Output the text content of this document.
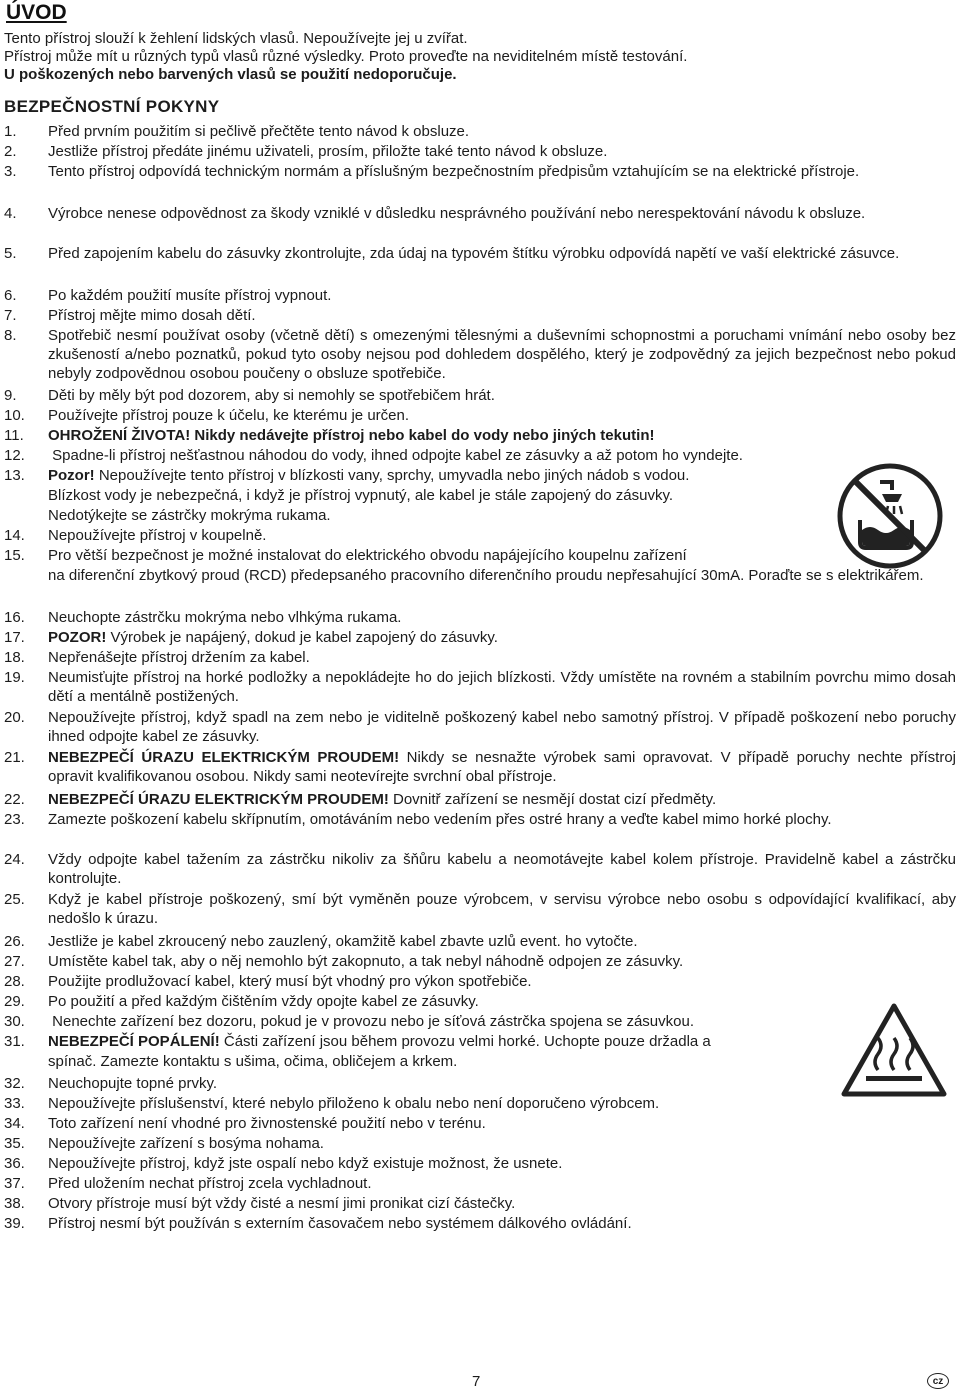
ÚVOD
Tento přístroj slouží k žehlení lidských vlasů. Nepoužívejte jej u zvířat.
Přístroj může mít u různých typů vlasů různé výsledky. Proto proveďte na neviditelném místě testování.
U poškozených nebo barvených vlasů se použití nedoporučuje.
BEZPEČNOSTNÍ POKYNY
1.	Před prvním použitím si pečlivě přečtěte tento návod k obsluze.
2.	Jestliže přístroj předáte jinému uživateli, prosím, přiložte také tento návod k obsluze.
3.	Tento přístroj odpovídá technickým normám a příslušným bezpečnostním předpisům vztahujícím se na elektrické přístroje.
4.	Výrobce nenese odpovědnost za škody vzniklé v důsledku nesprávného používání nebo nerespektování návodu k obsluze.
5.	Před zapojením kabelu do zásuvky zkontrolujte, zda údaj na typovém štítku výrobku odpovídá napětí ve vaší elektrické zásuvce.
6.	Po každém použití musíte přístroj vypnout.
7.	Přístroj mějte mimo dosah dětí.
8.	Spotřebič nesmí používat osoby (včetně dětí) s omezenými tělesnými a duševními schopnostmi a poruchami vnímání nebo osoby bez zkušeností a/nebo poznatků, pokud tyto osoby nejsou pod dohledem dospělého, který je zodpovědný za jejich bezpečnost nebo pokud nebyly zodpovědnou osobou poučeny o obsluze spotřebiče.
9.	Děti by měly být pod dozorem, aby si nemohly se spotřebičem hrát.
10.	Používejte přístroj pouze k účelu, ke kterému je určen.
11.	OHROŽENÍ ŽIVOTA! Nikdy nedávejte přístroj nebo kabel do vody nebo jiných tekutin!
12.	Spadne-li přístroj nešťastnou náhodou do vody, ihned odpojte kabel ze zásuvky a až potom ho vyndejte.
13.	Pozor! Nepoužívejte tento přístroj v blízkosti vany, sprchy, umyvadla nebo jiných nádob s vodou.
Blízkost vody je nebezpečná, i když je přístroj vypnutý, ale kabel je stále zapojený do zásuvky.
Nedotýkejte se zástrčky mokrýma rukama.
14.	Nepoužívejte přístroj v koupelně.
15.	Pro větší bezpečnost je možné instalovat do elektrického obvodu napájejícího koupelnu zařízení
na diferenční zbytkový proud (RCD) předepsaného pracovního diferenčního proudu nepřesahující 30mA. Poraďte se s elektrikářem.
16.	Neuchopte zástrčku mokrýma nebo vlhkýma rukama.
17.	POZOR! Výrobek je napájený, dokud je kabel zapojený do zásuvky.
18.	Nepřenášejte přístroj držením za kabel.
19.	Neumisťujte přístroj na horké podložky a nepokládejte ho do jejich blízkosti. Vždy umístěte na rovném a stabilním povrchu mimo dosah dětí a mentálně postižených.
20.	Nepoužívejte přístroj, když spadl na zem nebo je viditelně poškozený kabel nebo samotný přístroj. V případě poškození nebo poruchy ihned odpojte kabel ze zásuvky.
21.	NEBEZPEČÍ ÚRAZU ELEKTRICKÝM PROUDEM! Nikdy se nesnažte výrobek sami opravovat. V případě poruchy nechte přístroj opravit kvalifikovanou osobou. Nikdy sami neotevírejte svrchní obal přístroje.
22.	NEBEZPEČÍ ÚRAZU ELEKTRICKÝM PROUDEM! Dovnitř zařízení se nesmějí dostat cizí předměty.
23.	Zamezte poškození kabelu skřípnutím, omotáváním nebo vedením přes ostré hrany a veďte kabel mimo horké plochy.
24.	Vždy odpojte kabel tažením za zástrčku nikoliv za šňůru kabelu a neomotávejte kabel kolem přístroje. Pravidelně kabel a zástrčku kontrolujte.
25.	Když je kabel přístroje poškozený, smí být vyměněn pouze výrobcem, v servisu výrobce nebo osobu s odpovídající kvalifikací, aby nedošlo k úrazu.
26.	Jestliže je kabel zkroucený nebo zauzlený, okamžitě kabel zbavte uzlů event. ho vytočte.
27.	Umístěte kabel tak, aby o něj nemohlo být zakopnuto, a tak nebyl náhodně odpojen ze zásuvky.
28.	Použijte prodlužovací kabel, který musí být vhodný pro výkon spotřebiče.
29.	Po použití a před každým čištěním vždy opojte kabel ze zásuvky.
30.	Nenechte zařízení bez dozoru, pokud je v provozu nebo je síťová zástrčka spojena se zásuvkou.
31.	NEBEZPEČÍ POPÁLENÍ! Části zařízení jsou během provozu velmi horké. Uchopte pouze držadla a
spínač. Zamezte kontaktu s ušima, očima, obličejem a krkem.
32.	Neuchopujte topné prvky.
33.	Nepoužívejte příslušenství, které nebylo přiloženo k obalu nebo není doporučeno výrobcem.
34.	Toto zařízení není vhodné pro živnostenské použití nebo v terénu.
35.	Nepoužívejte zařízení s bosýma nohama.
36.	Nepoužívejte přístroj, když jste ospalí nebo když existuje možnost, že usnete.
37.	Před uložením nechat přístroj zcela vychladnout.
38.	Otvory přístroje musí být vždy čisté a nesmí jimi pronikat cizí částečky.
39.	Přístroj nesmí být používán s externím časovačem nebo systémem dálkového ovládání.
7	cz
